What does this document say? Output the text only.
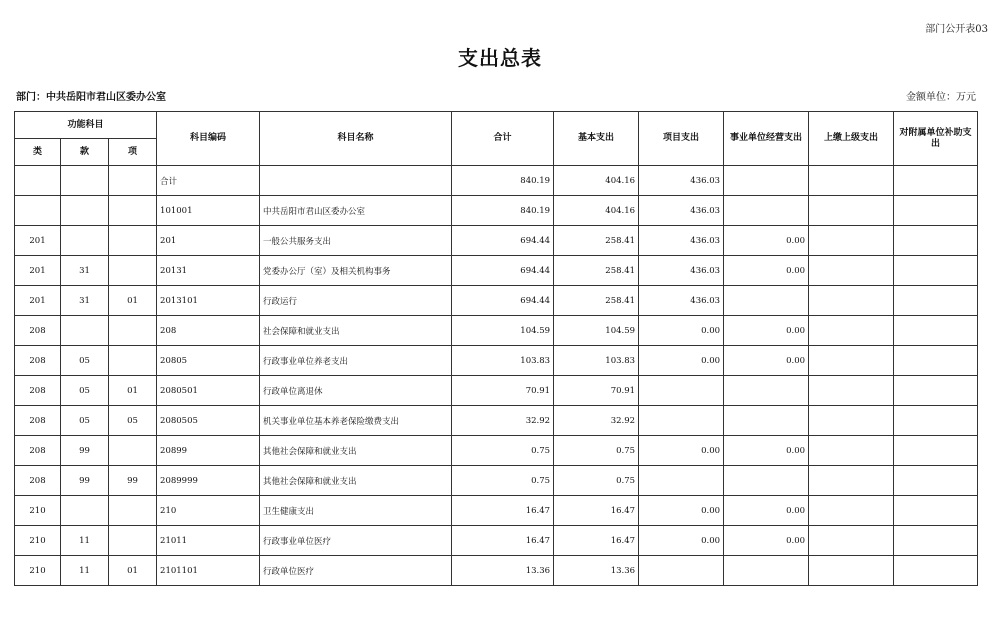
部门公开表03
支出总表
部门：中共岳阳市君山区委办公室	金额单位：万元
功能科目			科目编码	科目名称	合计	基本支出	项目支出	事业单位经营支出	上缴上级支出	对附属单位补助支出
类	款	项								
			合计		840.19	404.16	436.03			
			101001	中共岳阳市君山区委办公室	840.19	404.16	436.03			
201			201	一般公共服务支出	694.44	258.41	436.03	0.00		
201	31		20131	党委办公厅（室）及相关机构事务	694.44	258.41	436.03	0.00		
201	31	01	2013101	行政运行	694.44	258.41	436.03			
208			208	社会保障和就业支出	104.59	104.59	0.00	0.00		
208	05		20805	行政事业单位养老支出	103.83	103.83	0.00	0.00		
208	05	01	2080501	行政单位离退休	70.91	70.91				
208	05	05	2080505	机关事业单位基本养老保险缴费支出	32.92	32.92				
208	99		20899	其他社会保障和就业支出	0.75	0.75	0.00	0.00		
208	99	99	2089999	其他社会保障和就业支出	0.75	0.75				
210			210	卫生健康支出	16.47	16.47	0.00	0.00		
210	11		21011	行政事业单位医疗	16.47	16.47	0.00	0.00		
210	11	01	2101101	行政单位医疗	13.36	13.36				
